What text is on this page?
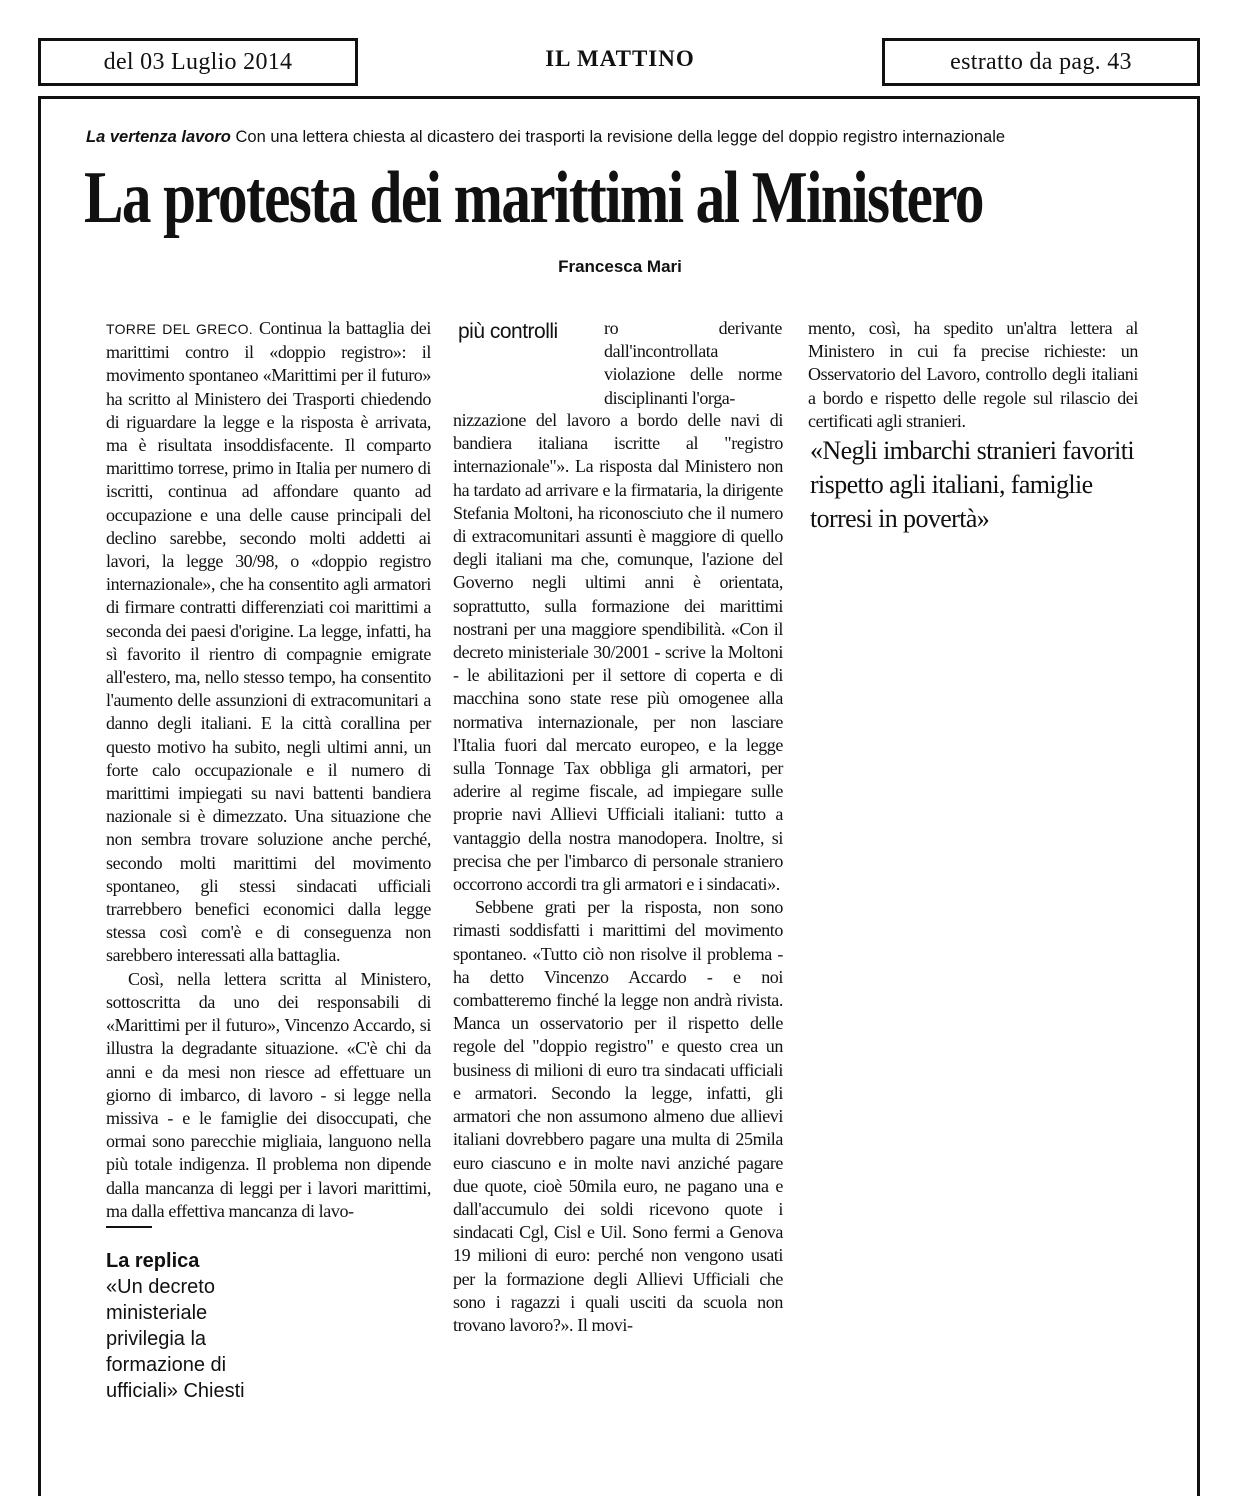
del 03 Luglio 2014	IL MATTINO	estratto da pag. 43
La vertenza lavoro Con una lettera chiesta al dicastero dei trasporti la revisione della legge del doppio registro internazionale
La protesta dei marittimi al Ministero
Francesca Mari

TORRE DEL GRECO. Continua la battaglia dei marittimi contro il «doppio registro»: il movimento spontaneo «Marittimi per il futuro» ha scritto al Ministero dei Trasporti chiedendo di riguardare la legge e la risposta è arrivata, ma è risultata insoddisfacente. Il comparto marittimo torrese, primo in Italia per numero di iscritti, continua ad affondare quanto ad occupazione e una delle cause principali del declino sarebbe, secondo molti addetti ai lavori, la legge 30/98, o «doppio registro internazionale», che ha consentito agli armatori di firmare contratti differenziati coi marittimi a seconda dei paesi d'origine. La legge, infatti, ha sì favorito il rientro di compagnie emigrate all'estero, ma, nello stesso tempo, ha consentito l'aumento delle assunzioni di extracomunitari a danno degli italiani. E la città corallina per questo motivo ha subito, negli ultimi anni, un forte calo occupazionale e il numero di marittimi impiegati su navi battenti bandiera nazionale si è dimezzato. Una situazione che non sembra trovare soluzione anche perché, secondo molti marittimi del movimento spontaneo, gli stessi sindacati ufficiali trarrebbero benefici economici dalla legge stessa così com'è e di conseguenza non sarebbero interessati alla battaglia.

Così, nella lettera scritta al Ministero, sottoscritta da uno dei responsabili di «Marittimi per il futuro», Vincenzo Accardo, si illustra la degradante situazione. «C'è chi da anni e da mesi non riesce ad effettuare un giorno di imbarco, di lavoro - si legge nella missiva - e le famiglie dei disoccupati, che ormai sono parecchie migliaia, languono nella più totale indigenza. Il problema non dipende dalla mancanza di leggi per i lavori marittimi, ma dalla effettiva mancanza di lavo-

La replica
«Un decreto ministeriale privilegia la formazione di ufficiali» Chiesti
più controlli	ro derivante dall'incontrollata violazione delle norme disciplinanti l'orga-

nizzazione del lavoro a bordo delle navi di bandiera italiana iscritte al "registro internazionale"». La risposta dal Ministero non ha tardato ad arrivare e la firmataria, la dirigente Stefania Moltoni, ha riconosciuto che il numero di extracomunitari assunti è maggiore di quello degli italiani ma che, comunque, l'azione del Governo negli ultimi anni è orientata, soprattutto, sulla formazione dei marittimi nostrani per una maggiore spendibilità. «Con il decreto ministeriale 30/2001 - scrive la Moltoni - le abilitazioni per il settore di coperta e di macchina sono state rese più omogenee alla normativa internazionale, per non lasciare l'Italia fuori dal mercato europeo, e la legge sulla Tonnage Tax obbliga gli armatori, per aderire al regime fiscale, ad impiegare sulle proprie navi Allievi Ufficiali italiani: tutto a vantaggio della nostra manodopera. Inoltre, si precisa che per l'imbarco di personale straniero occorrono accordi tra gli armatori e i sindacati».

Sebbene grati per la risposta, non sono rimasti soddisfatti i marittimi del movimento spontaneo. «Tutto ciò non risolve il problema - ha detto Vincenzo Accardo - e noi combatteremo finché la legge non andrà rivista. Manca un osservatorio per il rispetto delle regole del "doppio registro" e questo crea un business di milioni di euro tra sindacati ufficiali e armatori. Secondo la legge, infatti, gli armatori che non assumono almeno due allievi italiani dovrebbero pagare una multa di 25mila euro ciascuno e in molte navi anziché pagare due quote, cioè 50mila euro, ne pagano una e dall'accumulo dei soldi ricevono quote i sindacati Cgl, Cisl e Uil. Sono fermi a Genova 19 milioni di euro: perché non vengono usati per la formazione degli Allievi Ufficiali che sono i ragazzi i quali usciti da scuola non trovano lavoro?». Il movi-

mento, così, ha spedito un'altra lettera al Ministero in cui fa precise richieste: un Osservatorio del Lavoro, controllo degli italiani a bordo e rispetto delle regole sul rilascio dei certificati agli stranieri.

«Negli imbarchi stranieri favoriti rispetto agli italiani, famiglie torresi in povertà»
